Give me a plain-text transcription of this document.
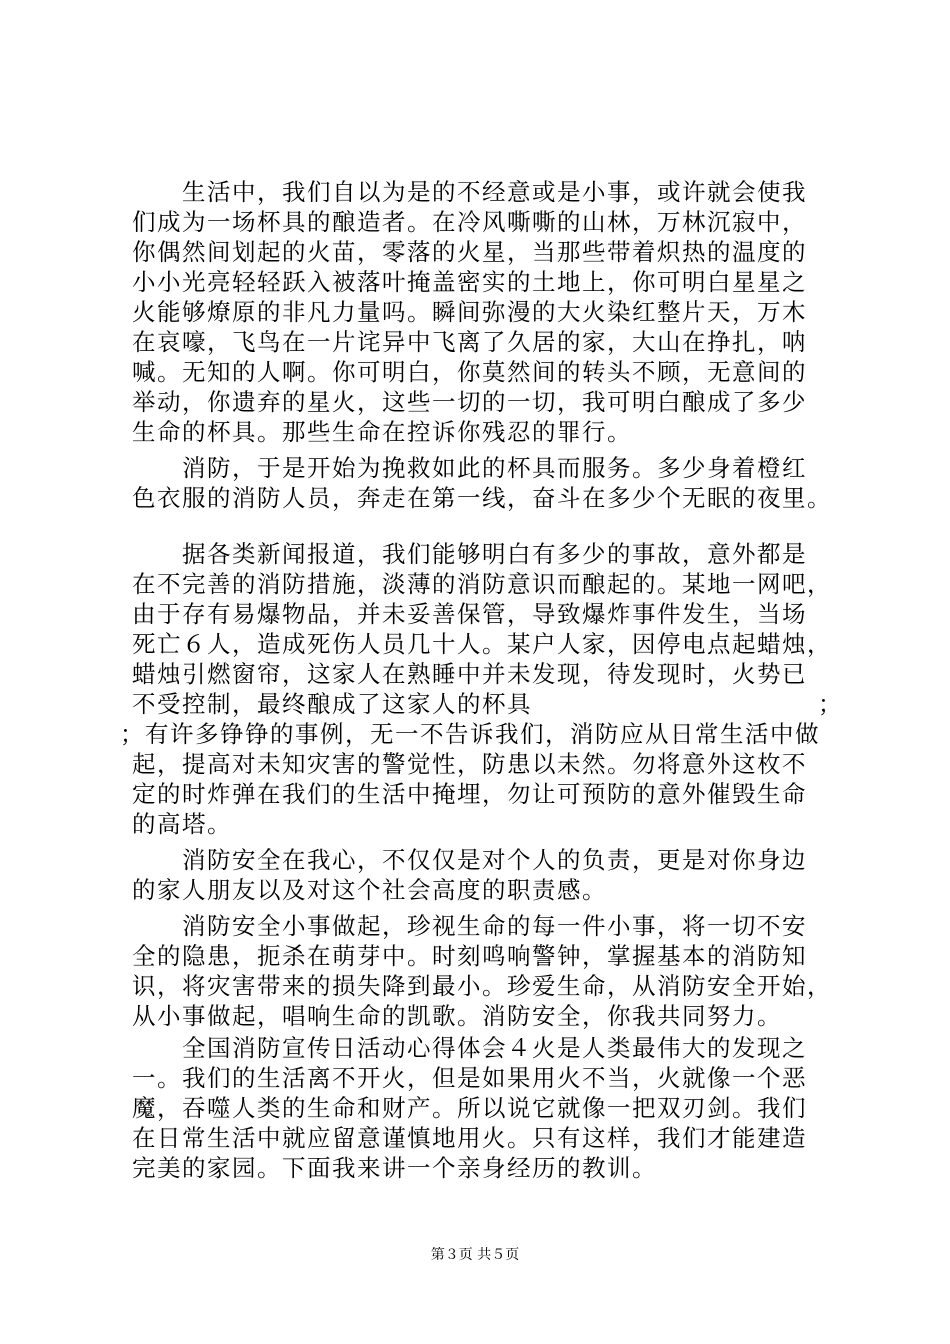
生活中，我们自以为是的不经意或是小事，或许就会使我
们成为一场杯具的酿造者。在冷风嘶嘶的山林，万林沉寂中，
你偶然间划起的火苗，零落的火星，当那些带着炽热的温度的
小小光亮轻轻跃入被落叶掩盖密实的土地上，你可明白星星之
火能够燎原的非凡力量吗。瞬间弥漫的大火染红整片天，万木
在哀嚎，飞鸟在一片诧异中飞离了久居的家，大山在挣扎，呐
喊。无知的人啊。你可明白，你莫然间的转头不顾，无意间的
举动，你遗弃的星火，这些一切的一切，我可明白酿成了多少
生命的杯具。那些生命在控诉你残忍的罪行。
消防，于是开始为挽救如此的杯具而服务。多少身着橙红
色衣服的消防人员，奔走在第一线，奋斗在多少个无眠的夜里。
据各类新闻报道，我们能够明白有多少的事故，意外都是
在不完善的消防措施，淡薄的消防意识而酿起的。某地一网吧，
由于存有易爆物品，并未妥善保管，导致爆炸事件发生，当场
死亡６人，造成死伤人员几十人。某户人家，因停电点起蜡烛，
蜡烛引燃窗帘，这家人在熟睡中并未发现，待发现时，火势已
不受控制，最终酿成了这家人的杯具	；
；有许多铮铮的事例，无一不告诉我们，消防应从日常生活中做
起，提高对未知灾害的警觉性，防患以未然。勿将意外这枚不
定的时炸弹在我们的生活中掩埋，勿让可预防的意外催毁生命
的高塔。
消防安全在我心，不仅仅是对个人的负责，更是对你身边
的家人朋友以及对这个社会高度的职责感。
消防安全小事做起，珍视生命的每一件小事，将一切不安
全的隐患，扼杀在萌芽中。时刻鸣响警钟，掌握基本的消防知
识，将灾害带来的损失降到最小。珍爱生命，从消防安全开始，
从小事做起，唱响生命的凯歌。消防安全，你我共同努力。
全国消防宣传日活动心得体会４火是人类最伟大的发现之
一。我们的生活离不开火，但是如果用火不当，火就像一个恶
魔，吞噬人类的生命和财产。所以说它就像一把双刃剑。我们
在日常生活中就应留意谨慎地用火。只有这样，我们才能建造
完美的家园。下面我来讲一个亲身经历的教训。
第３页 共５页
